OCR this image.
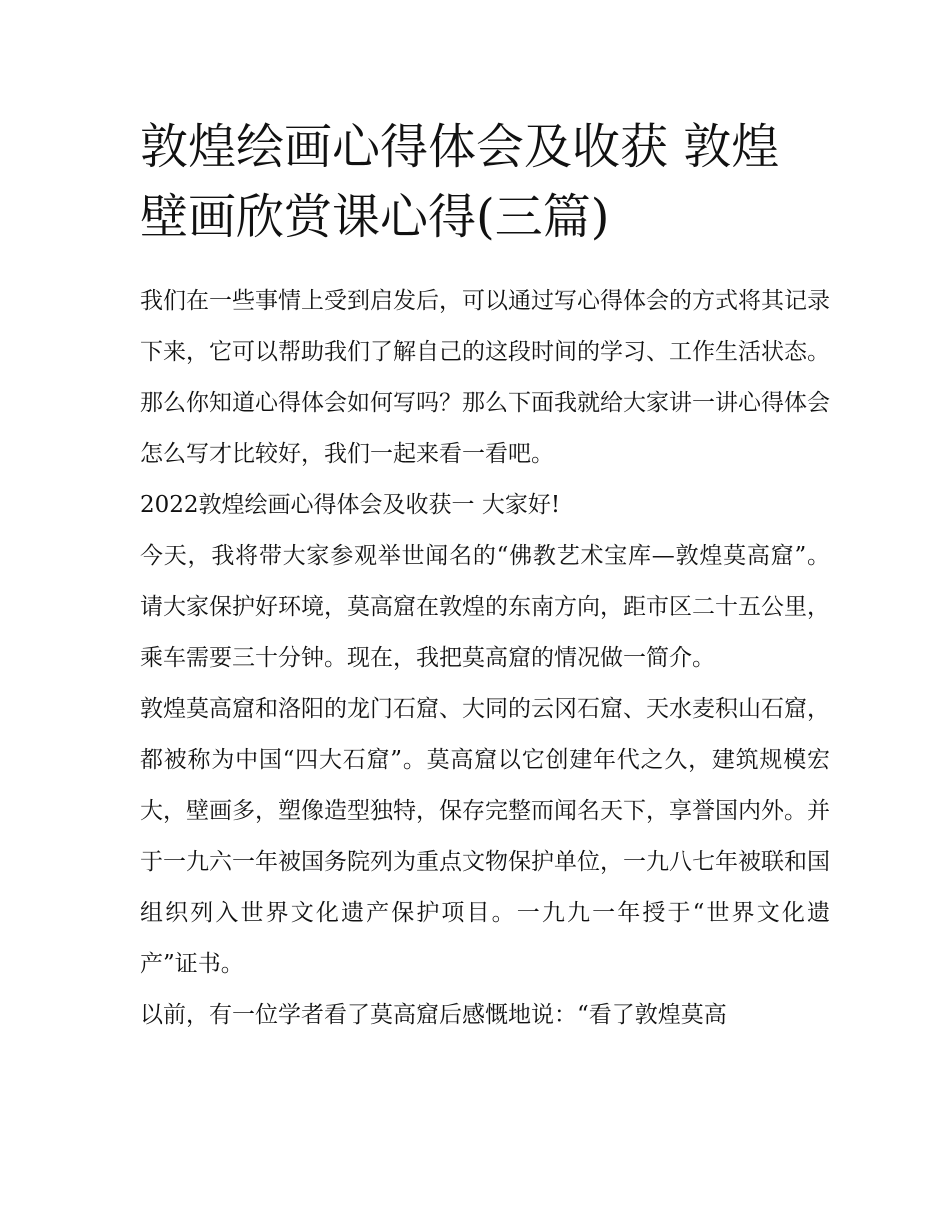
敦煌绘画心得体会及收获 敦煌壁画欣赏课心得(三篇)

我们在一些事情上受到启发后，可以通过写心得体会的方式将其记录下来，它可以帮助我们了解自己的这段时间的学习、工作生活状态。那么你知道心得体会如何写吗？那么下面我就给大家讲一讲心得体会怎么写才比较好，我们一起来看一看吧。

2022敦煌绘画心得体会及收获一 大家好!

今天，我将带大家参观举世闻名的“佛教艺术宝库—敦煌莫高窟”。请大家保护好环境，莫高窟在敦煌的东南方向，距市区二十五公里，乘车需要三十分钟。现在，我把莫高窟的情况做一简介。

敦煌莫高窟和洛阳的龙门石窟、大同的云冈石窟、天水麦积山石窟，都被称为中国“四大石窟”。莫高窟以它创建年代之久，建筑规模宏大，壁画多，塑像造型独特，保存完整而闻名天下，享誉国内外。并于一九六一年被国务院列为重点文物保护单位，一九八七年被联和国组织列入世界文化遗产保护项目。一九九一年授于“世界文化遗产”证书。

以前，有一位学者看了莫高窟后感慨地说：“看了敦煌莫高
